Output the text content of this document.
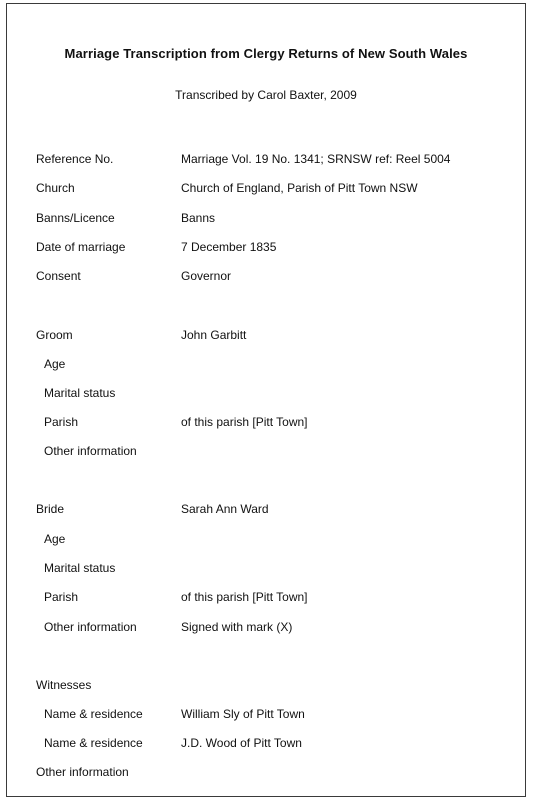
Marriage Transcription from Clergy Returns of New South Wales
Transcribed by Carol Baxter, 2009
Reference No.	Marriage Vol. 19 No. 1341; SRNSW ref: Reel 5004
Church	Church of England, Parish of Pitt Town NSW
Banns/Licence	Banns
Date of marriage	7 December 1835
Consent	Governor
Groom	John Garbitt
Age
Marital status
Parish	of this parish [Pitt Town]
Other information
Bride	Sarah Ann Ward
Age
Marital status
Parish	of this parish [Pitt Town]
Other information	Signed with mark (X)
Witnesses
Name & residence	William Sly of Pitt Town
Name & residence	J.D. Wood of Pitt Town
Other information
